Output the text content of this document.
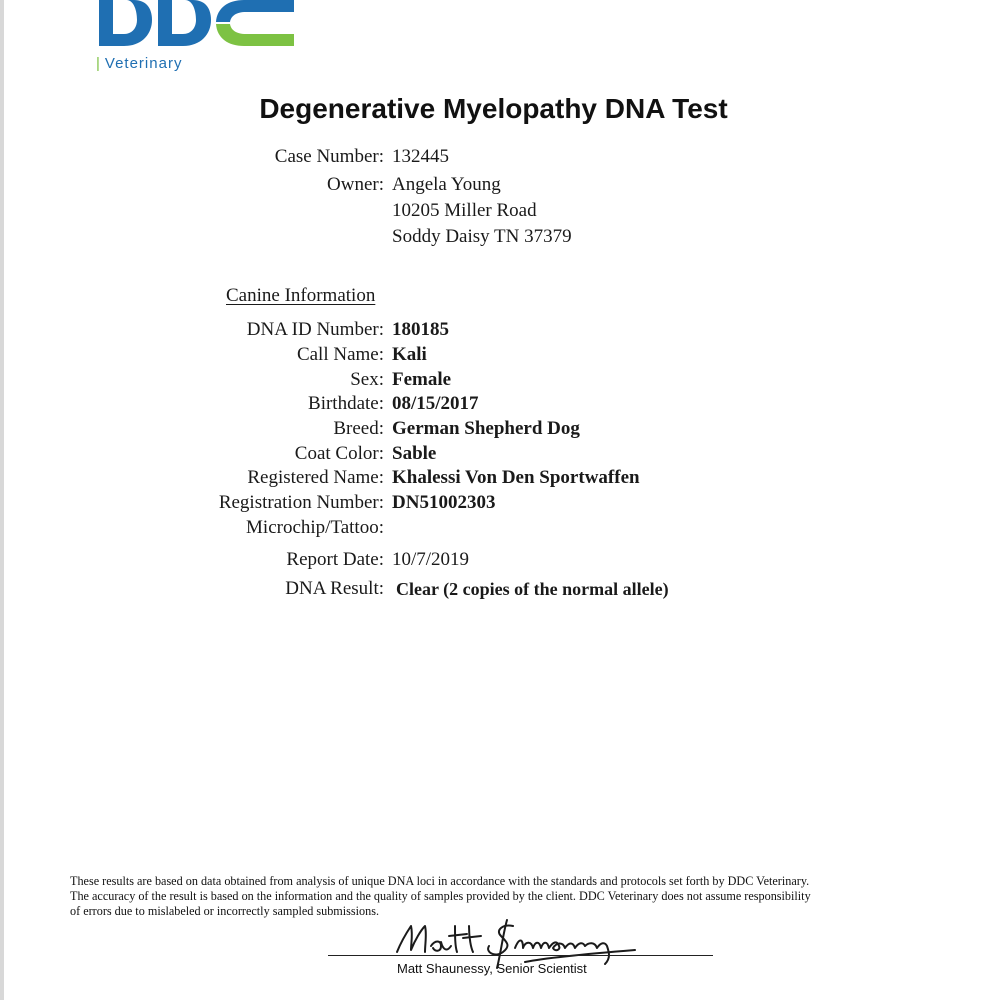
| Veterinary
Degenerative Myelopathy DNA Test
Case Number: 132445
Owner: Angela Young
10205 Miller Road
Soddy Daisy TN 37379
Canine Information
DNA ID Number: 180185
Call Name: Kali
Sex: Female
Birthdate: 08/15/2017
Breed: German Shepherd Dog
Coat Color: Sable
Registered Name: Khalessi Von Den Sportwaffen
Registration Number: DN51002303
Microchip/Tattoo:
Report Date: 10/7/2019
DNA Result: Clear (2 copies of the normal allele)
These results are based on data obtained from analysis of unique DNA loci in accordance with the standards and protocols set forth by DDC Veterinary.
The accuracy of the result is based on the information and the quality of samples provided by the client. DDC Veterinary does not assume responsibility
of errors due to mislabeled or incorrectly sampled submissions.
Matt Shaunessy, Senior Scientist
